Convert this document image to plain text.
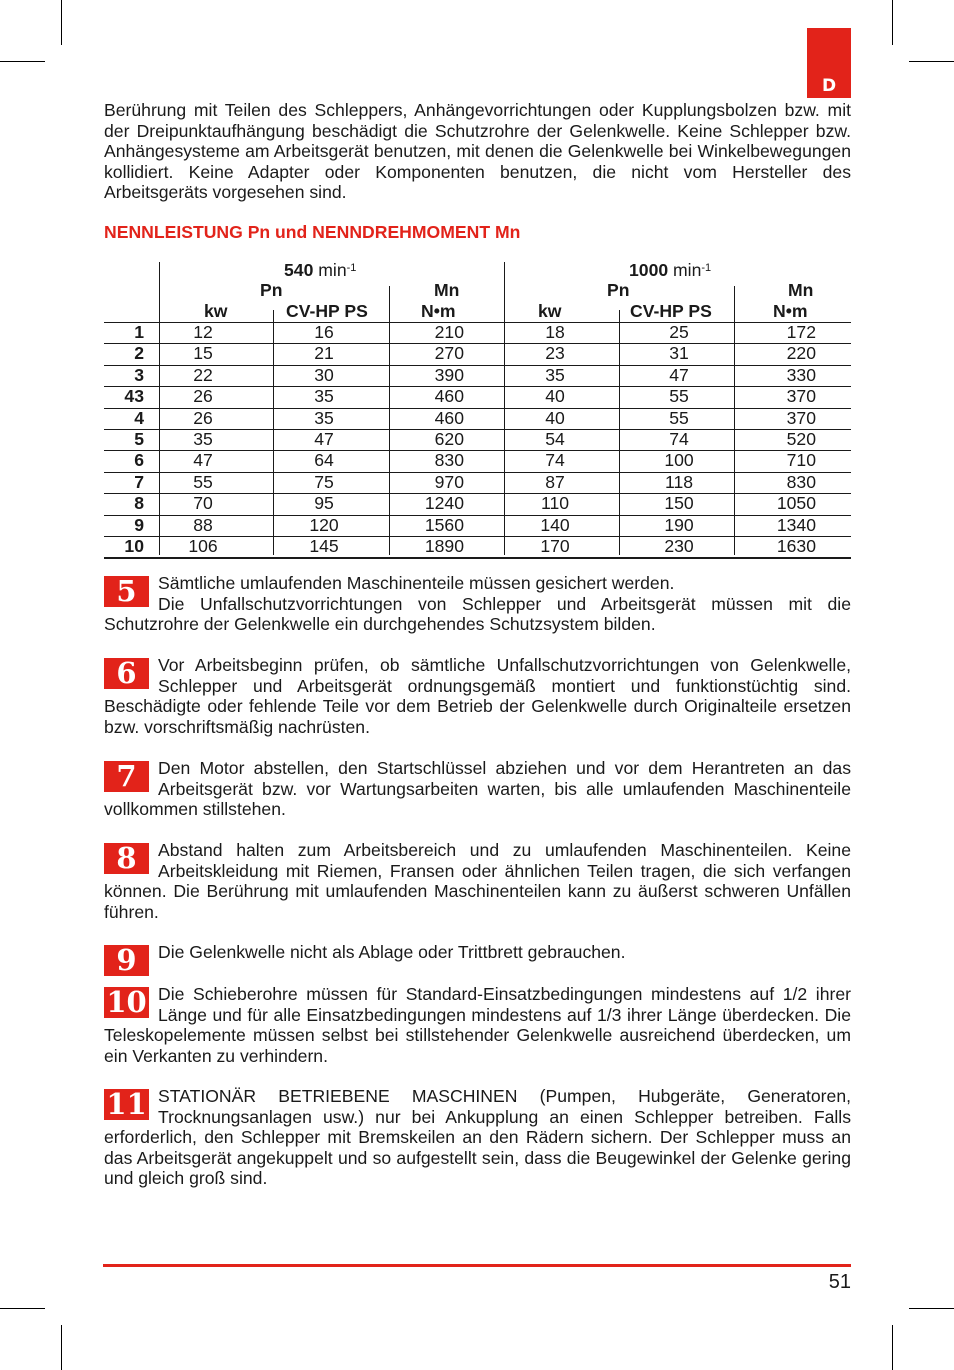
D

Berührung mit Teilen des Schleppers, Anhängevorrichtungen oder Kupplungsbolzen bzw. mit der Dreipunktaufhängung beschädigt die Schutzrohre der Gelenkwelle. Keine Schlepper bzw. Anhängesysteme am Arbeitsgerät benutzen, mit denen die Gelenkwelle bei Winkelbewegungen kollidiert. Keine Adapter oder Komponenten benutzen, die nicht vom Hersteller des Arbeitsgeräts vorgesehen sind.

NENNLEISTUNG Pn und NENNDREHMOMENT Mn

540 $\min^{-1}$	1000 $\min^{-1}$
Pn	Mn	Pn	Mn
kw	CV-HP PS	N•m	kw	CV-HP PS	N•m
1	12	16	210	18	25	172
2	15	21	270	23	31	220
3	22	30	390	35	47	330
43	26	35	460	40	55	370
4	26	35	460	40	55	370
5	35	47	620	54	74	520
6	47	64	830	74	100	710
7	55	75	970	87	118	830
8	70	95	1240	110	150	1050
9	88	120	1560	140	190	1340
10	106	145	1890	170	230	1630
5	Sämtliche umlaufenden Maschinenteile müssen gesichert werden.
Die Unfallschutzvorrichtungen von Schlepper und Arbeitsgerät müssen mit die Schutzrohre der Gelenkwelle ein durchgehendes Schutzsystem bilden.

6	Vor Arbeitsbeginn prüfen, ob sämtliche Unfallschutzvorrichtungen von Gelenkwelle, Schlepper und Arbeitsgerät ordnungsgemäß montiert und funktionstüchtig sind. Beschädigte oder fehlende Teile vor dem Betrieb der Gelenkwelle durch Originalteile ersetzen bzw. vorschriftsmäßig nachrüsten.

7	Den Motor abstellen, den Startschlüssel abziehen und vor dem Herantreten an das Arbeitsgerät bzw. vor Wartungsarbeiten warten, bis alle umlaufenden Maschinenteile vollkommen stillstehen.

8	Abstand halten zum Arbeitsbereich und zu umlaufenden Maschinenteilen. Keine Arbeitskleidung mit Riemen, Fransen oder ähnlichen Teilen tragen, die sich verfangen können. Die Berührung mit umlaufenden Maschinenteilen kann zu äußerst schweren Unfällen führen.

9	Die Gelenkwelle nicht als Ablage oder Trittbrett gebrauchen.

10 Die Schieberohre müssen für Standard-Einsatzbedingungen mindestens auf 1/2 ihrer Länge und für alle Einsatzbedingungen mindestens auf 1/3 ihrer Länge überdecken. Die Teleskopelemente müssen selbst bei stillstehender Gelenkwelle ausreichend überdecken, um ein Verkanten zu verhindern.

11 STATIONÄR BETRIEBENE MASCHINEN (Pumpen, Hubgeräte, Generatoren, Trocknungsanlagen usw.) nur bei Ankupplung an einen Schlepper betreiben. Falls erforderlich, den Schlepper mit Bremskeilen an den Rädern sichern. Der Schlepper muss an das Arbeitsgerät angekuppelt und so aufgestellt sein, dass die Beugewinkel der Gelenke gering und gleich groß sind.

51
